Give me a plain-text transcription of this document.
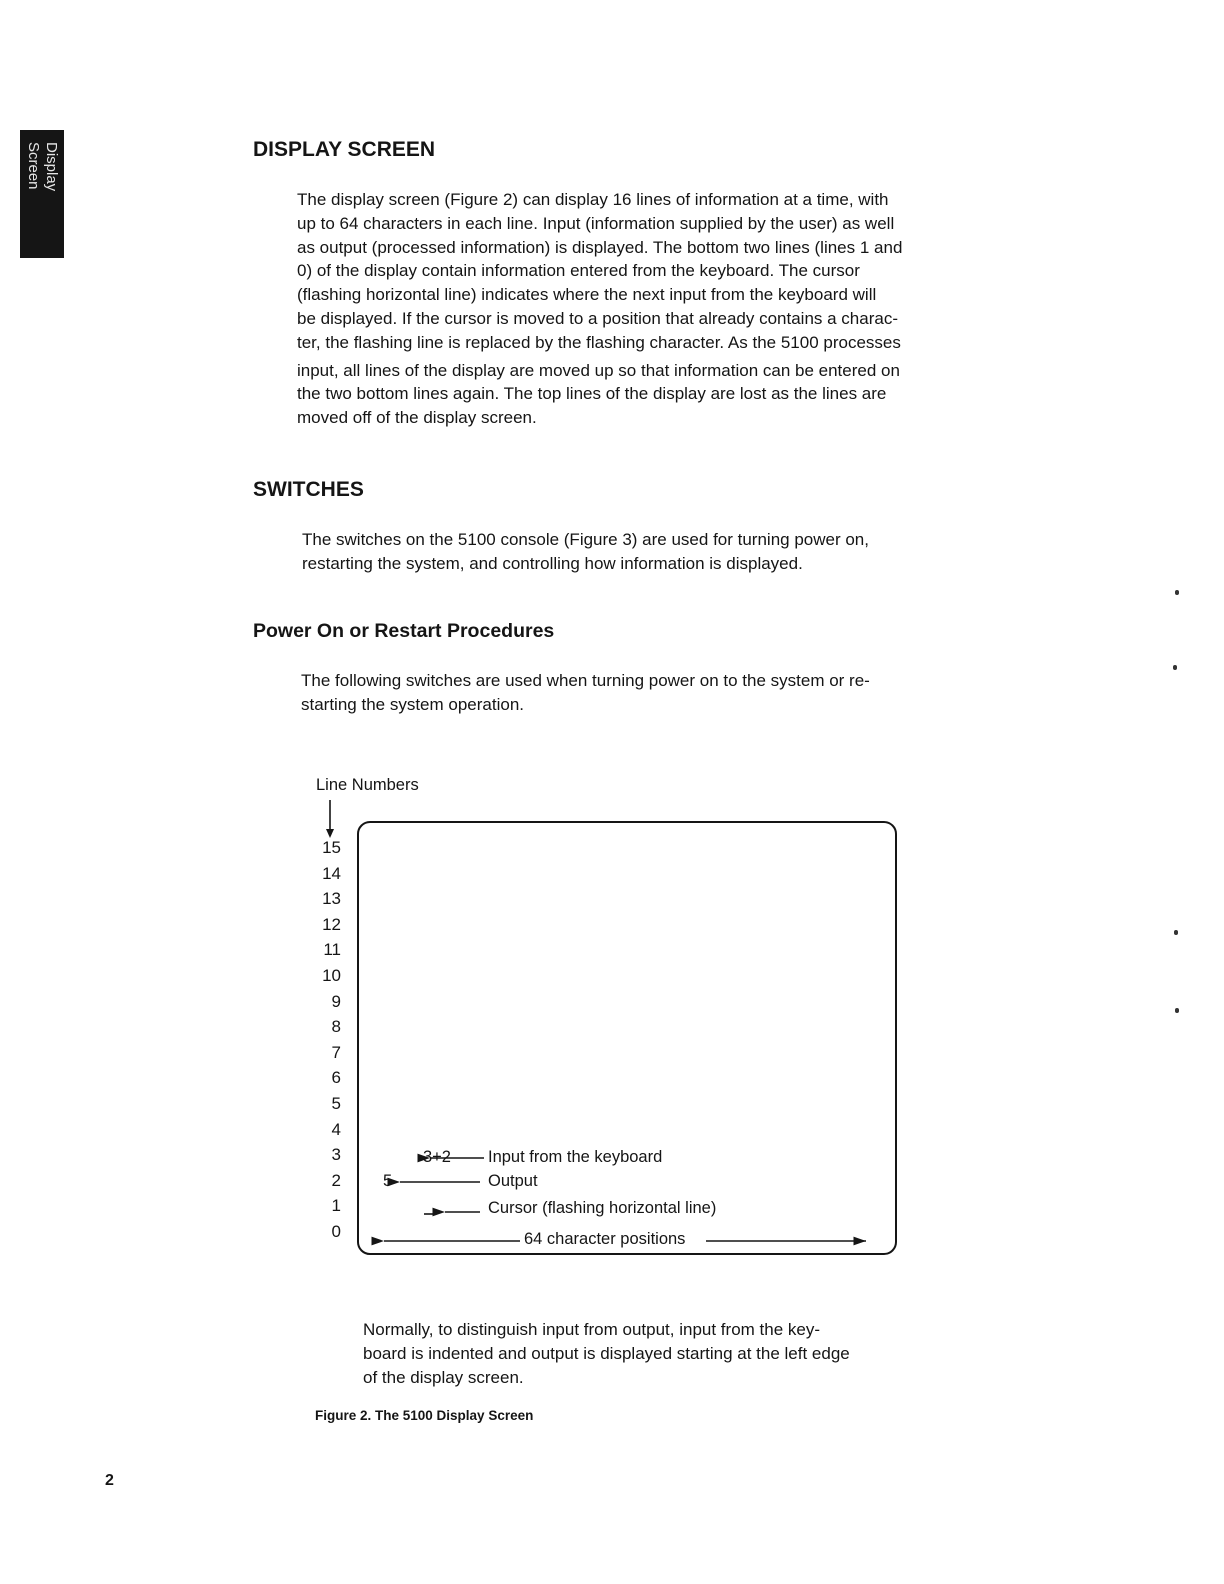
Display
Screen	DISPLAY SCREEN
The display screen (Figure 2) can display 16 lines of information at a time, with
up to 64 characters in each line. Input (information supplied by the user) as well
as output (processed information) is displayed. The bottom two lines (lines 1 and
0) of the display contain information entered from the keyboard. The cursor
(flashing horizontal line) indicates where the next input from the keyboard will
be displayed. If the cursor is moved to a position that already contains a charac-
ter, the flashing line is replaced by the flashing character. As the 5100 processes
input, all lines of the display are moved up so that information can be entered on
the two bottom lines again. The top lines of the display are lost as the lines are
moved off of the display screen.
SWITCHES
The switches on the 5100 console (Figure 3) are used for turning power on,
restarting the system, and controlling how information is displayed.
Power On or Restart Procedures
The following switches are used when turning power on to the system or re-
starting the system operation.
Line Numbers
15
14
13
12
11
10
9
8
7
6
5
4
3
2
1
0
3+2 Input from the keyboard
5	Output
Cursor (flashing horizontal line)
64 character positions
Normally, to distinguish input from output, input from the key-
board is indented and output is displayed starting at the left edge
of the display screen.
Figure 2. The 5100 Display Screen
2
